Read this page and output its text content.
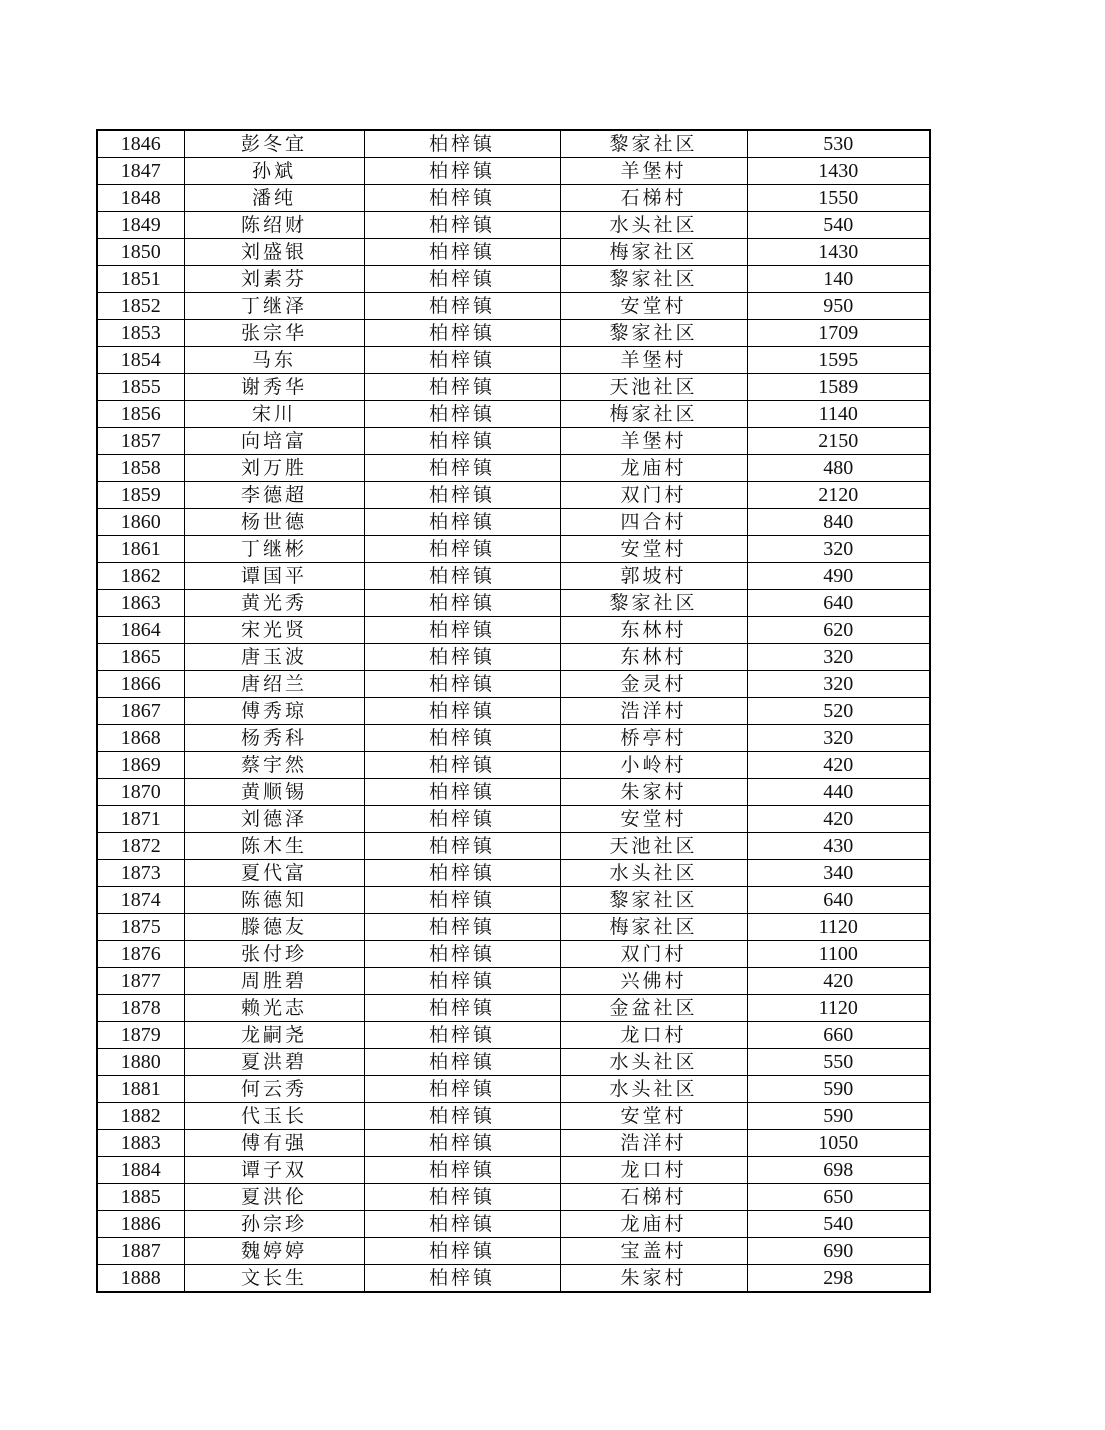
1846	彭冬宜	柏梓镇	黎家社区	530
1847	孙斌	柏梓镇	羊堡村	1430
1848	潘纯	柏梓镇	石梯村	1550
1849	陈绍财	柏梓镇	水头社区	540
1850	刘盛银	柏梓镇	梅家社区	1430
1851	刘素芬	柏梓镇	黎家社区	140
1852	丁继泽	柏梓镇	安堂村	950
1853	张宗华	柏梓镇	黎家社区	1709
1854	马东	柏梓镇	羊堡村	1595
1855	谢秀华	柏梓镇	天池社区	1589
1856	宋川	柏梓镇	梅家社区	1140
1857	向培富	柏梓镇	羊堡村	2150
1858	刘万胜	柏梓镇	龙庙村	480
1859	李德超	柏梓镇	双门村	2120
1860	杨世德	柏梓镇	四合村	840
1861	丁继彬	柏梓镇	安堂村	320
1862	谭国平	柏梓镇	郭坡村	490
1863	黄光秀	柏梓镇	黎家社区	640
1864	宋光贤	柏梓镇	东林村	620
1865	唐玉波	柏梓镇	东林村	320
1866	唐绍兰	柏梓镇	金灵村	320
1867	傅秀琼	柏梓镇	浩洋村	520
1868	杨秀科	柏梓镇	桥亭村	320
1869	蔡宇然	柏梓镇	小岭村	420
1870	黄顺锡	柏梓镇	朱家村	440
1871	刘德泽	柏梓镇	安堂村	420
1872	陈木生	柏梓镇	天池社区	430
1873	夏代富	柏梓镇	水头社区	340
1874	陈德知	柏梓镇	黎家社区	640
1875	滕德友	柏梓镇	梅家社区	1120
1876	张付珍	柏梓镇	双门村	1100
1877	周胜碧	柏梓镇	兴佛村	420
1878	赖光志	柏梓镇	金盆社区	1120
1879	龙嗣尧	柏梓镇	龙口村	660
1880	夏洪碧	柏梓镇	水头社区	550
1881	何云秀	柏梓镇	水头社区	590
1882	代玉长	柏梓镇	安堂村	590
1883	傅有强	柏梓镇	浩洋村	1050
1884	谭子双	柏梓镇	龙口村	698
1885	夏洪伦	柏梓镇	石梯村	650
1886	孙宗珍	柏梓镇	龙庙村	540
1887	魏婷婷	柏梓镇	宝盖村	690
1888	文长生	柏梓镇	朱家村	298
